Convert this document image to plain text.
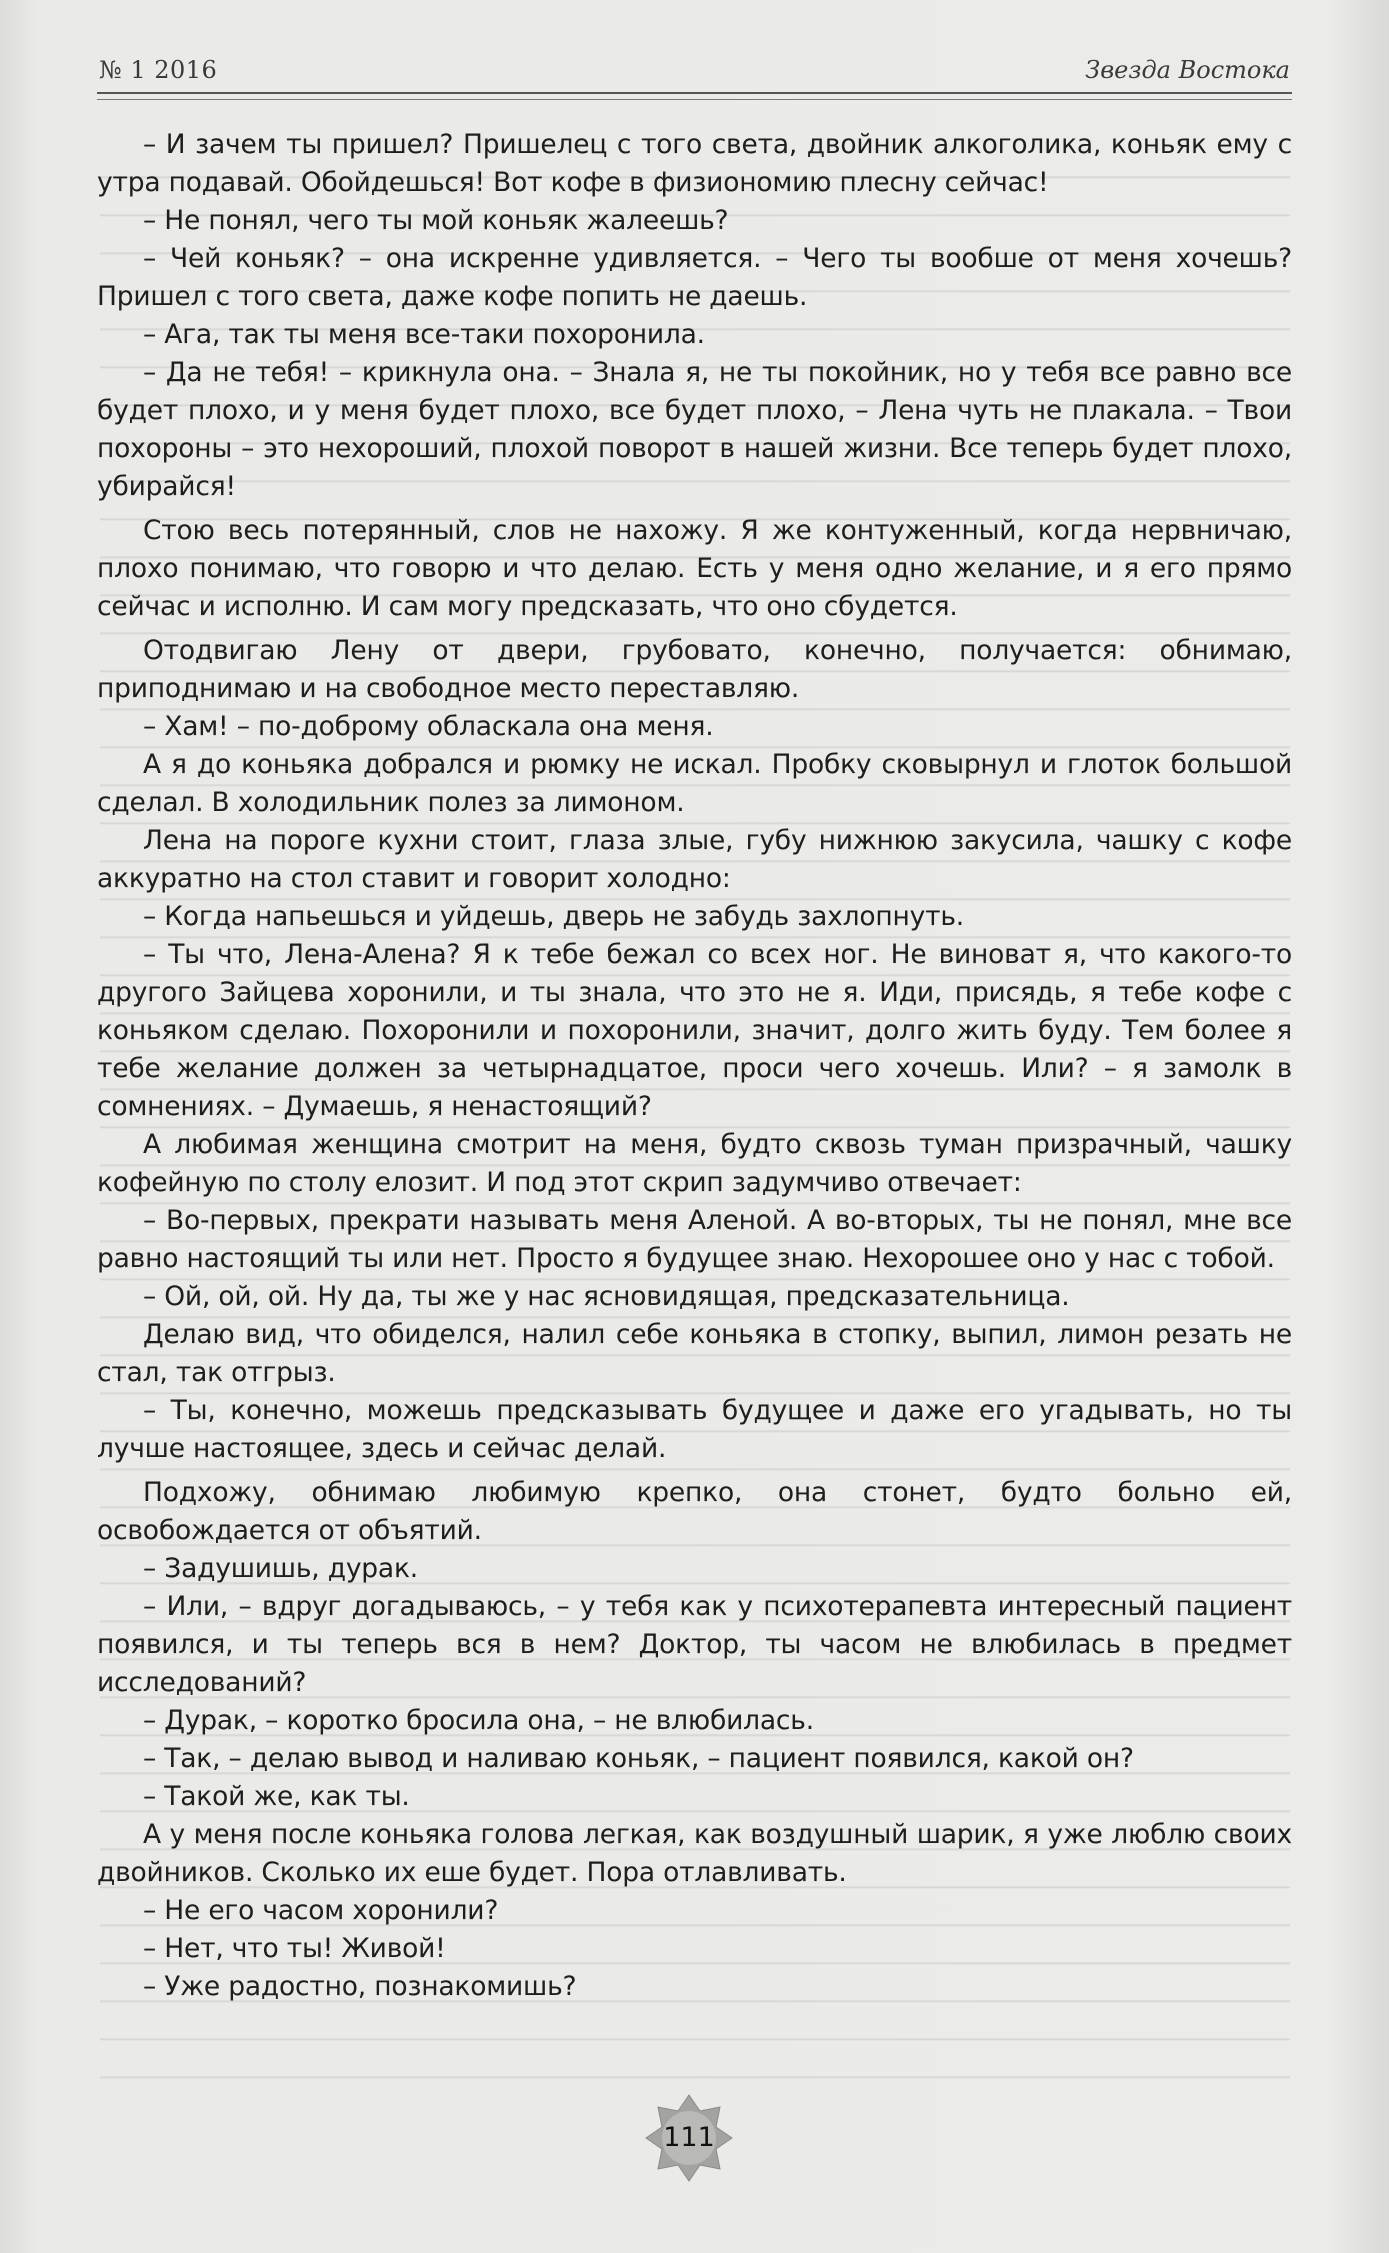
№ 1 2016	Звезда Востока

– И зачем ты пришел? Пришелец с того света, двойник алкоголика, коньяк ему с утра подавай. Обойдешься! Вот кофе в физиономию плесну сейчас!

– Не понял, чего ты мой коньяк жалеешь?

– Чей коньяк? – она искренне удивляется. – Чего ты вообше от меня хочешь? Пришел с того света, даже кофе попить не даешь.

– Ага, так ты меня все-таки похоронила.

– Да не тебя! – крикнула она. – Знала я, не ты покойник, но у тебя все равно все будет плохо, и у меня будет плохо, все будет плохо, – Лена чуть не плакала. – Твои похороны – это нехороший, плохой поворот в нашей жизни. Все теперь будет плохо, убирайся!

Стою весь потерянный, слов не нахожу. Я же контуженный, когда нервничаю, плохо понимаю, что говорю и что делаю. Есть у меня одно желание, и я его прямо сейчас и исполню. И сам могу предсказать, что оно сбудется.

Отодвигаю Лену от двери, грубовато, конечно, получается: обнимаю, приподнимаю и на свободное место переставляю.

– Хам! – по-доброму обласкала она меня.

А я до коньяка добрался и рюмку не искал. Пробку сковырнул и глоток большой сделал. В холодильник полез за лимоном.

Лена на пороге кухни стоит, глаза злые, губу нижнюю закусила, чашку с кофе аккуратно на стол ставит и говорит холодно:

– Когда напьешься и уйдешь, дверь не забудь захлопнуть.

– Ты что, Лена-Алена? Я к тебе бежал со всех ног. Не виноват я, что какого-то другого Зайцева хоронили, и ты знала, что это не я. Иди, присядь, я тебе кофе с коньяком сделаю. Похоронили и похоронили, значит, долго жить буду. Тем более я тебе желание должен за четырнадцатое, проси чего хочешь. Или? – я замолк в сомнениях. – Думаешь, я ненастоящий?

А любимая женщина смотрит на меня, будто сквозь туман призрачный, чашку кофейную по столу елозит. И под этот скрип задумчиво отвечает:

– Во-первых, прекрати называть меня Аленой. А во-вторых, ты не понял, мне все равно настоящий ты или нет. Просто я будущее знаю. Нехорошее оно у нас с тобой.

– Ой, ой, ой. Ну да, ты же у нас ясновидящая, предсказательница.

Делаю вид, что обиделся, налил себе коньяка в стопку, выпил, лимон резать не стал, так отгрыз.

– Ты, конечно, можешь предсказывать будущее и даже его угадывать, но ты лучше настоящее, здесь и сейчас делай.

Подхожу, обнимаю любимую крепко, она стонет, будто больно ей, освобождается от объятий.

– Задушишь, дурак.

– Или, – вдруг догадываюсь, – у тебя как у психотерапевта интересный пациент появился, и ты теперь вся в нем? Доктор, ты часом не влюбилась в предмет исследований?

– Дурак, – коротко бросила она, – не влюбилась.

– Так, – делаю вывод и наливаю коньяк, – пациент появился, какой он?

– Такой же, как ты.

А у меня после коньяка голова легкая, как воздушный шарик, я уже люблю своих двойников. Сколько их еше будет. Пора отлавливать.

– Не его часом хоронили?

– Нет, что ты! Живой!

– Уже радостно, познакомишь?

111
